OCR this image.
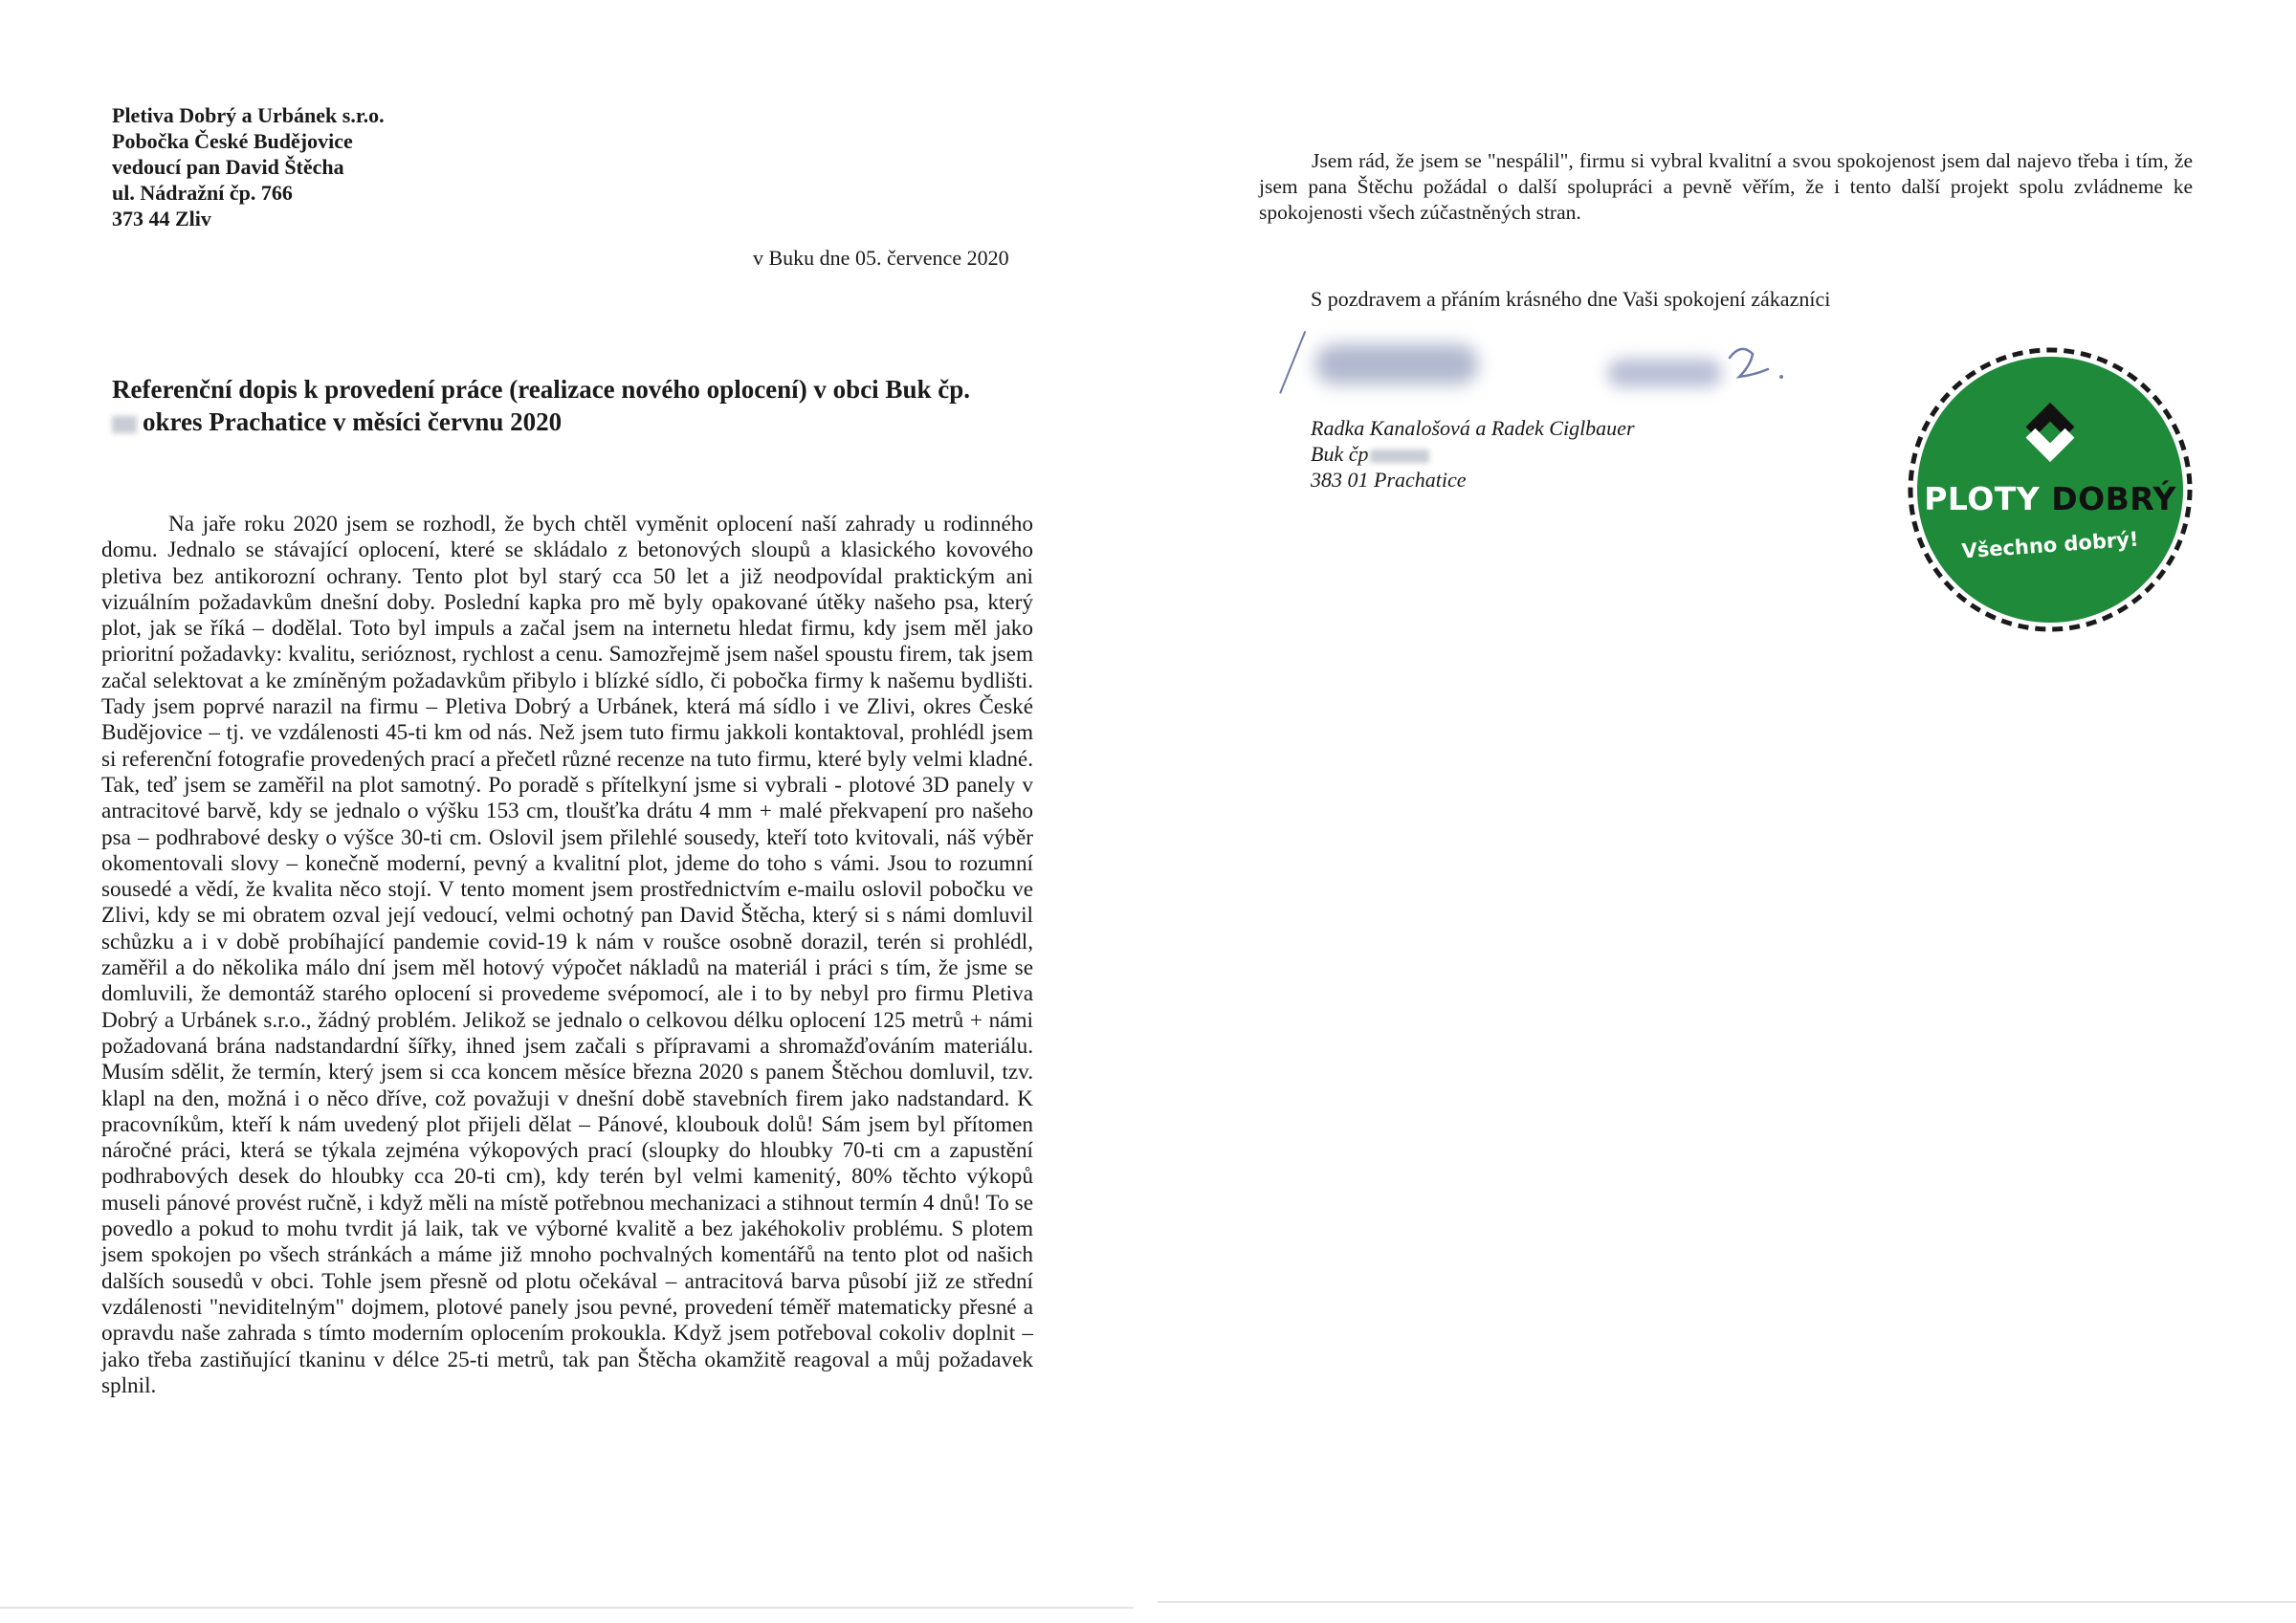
Pletiva Dobrý a Urbánek s.r.o.
Pobočka České Budějovice
vedoucí pan David Štěcha
ul. Nádražní čp. 766
373 44 Zliv
v Buku dne 05. července 2020
Referenční dopis k provedení práce (realizace nového oplocení) v obci Buk čp.
okres Prachatice v měsíci červnu 2020

Na jaře roku 2020 jsem se rozhodl, že bych chtěl vyměnit oplocení naší zahrady u rodinného domu. Jednalo se stávající oplocení, které se skládalo z betonových sloupů a klasického kovového pletiva bez antikorozní ochrany. Tento plot byl starý cca 50 let a již neodpovídal praktickým ani vizuálním požadavkům dnešní doby. Poslední kapka pro mě byly opakované útěky našeho psa, který plot, jak se říká – dodělal. Toto byl impuls a začal jsem na internetu hledat firmu, kdy jsem měl jako prioritní požadavky: kvalitu, serióznost, rychlost a cenu. Samozřejmě jsem našel spoustu firem, tak jsem začal selektovat a ke zmíněným požadavkům přibylo i blízké sídlo, či pobočka firmy k našemu bydlišti. Tady jsem poprvé narazil na firmu – Pletiva Dobrý a Urbánek, která má sídlo i ve Zlivi, okres České Budějovice – tj. ve vzdálenosti 45-ti km od nás. Než jsem tuto firmu jakkoli kontaktoval, prohlédl jsem si referenční fotografie provedených prací a přečetl různé recenze na tuto firmu, které byly velmi kladné. Tak, teď jsem se zaměřil na plot samotný. Po poradě s přítelkyní jsme si vybrali - plotové 3D panely v antracitové barvě, kdy se jednalo o výšku 153 cm, tloušťka drátu 4 mm + malé překvapení pro našeho psa – podhrabové desky o výšce 30-ti cm. Oslovil jsem přilehlé sousedy, kteří toto kvitovali, náš výběr okomentovali slovy – konečně moderní, pevný a kvalitní plot, jdeme do toho s vámi. Jsou to rozumní sousedé a vědí, že kvalita něco stojí. V tento moment jsem prostřednictvím e-mailu oslovil pobočku ve Zlivi, kdy se mi obratem ozval její vedoucí, velmi ochotný pan David Štěcha, který si s námi domluvil schůzku a i v době probíhající pandemie covid-19 k nám v roušce osobně dorazil, terén si prohlédl, zaměřil a do několika málo dní jsem měl hotový výpočet nákladů na materiál i práci s tím, že jsme se domluvili, že demontáž starého oplocení si provedeme svépomocí, ale i to by nebyl pro firmu Pletiva Dobrý a Urbánek s.r.o., žádný problém. Jelikož se jednalo o celkovou délku oplocení 125 metrů + námi požadovaná brána nadstandardní šířky, ihned jsem začali s přípravami a shromažďováním materiálu. Musím sdělit, že termín, který jsem si cca koncem měsíce března 2020 s panem Štěchou domluvil, tzv. klapl na den, možná i o něco dříve, což považuji v dnešní době stavebních firem jako nadstandard. K pracovníkům, kteří k nám uvedený plot přijeli dělat – Pánové, kloubouk dolů! Sám jsem byl přítomen náročné práci, která se týkala zejména výkopových prací (sloupky do hloubky 70-ti cm a zapustění podhrabových desek do hloubky cca 20-ti cm), kdy terén byl velmi kamenitý, 80% těchto výkopů museli pánové provést ručně, i když měli na místě potřebnou mechanizaci a stihnout termín 4 dnů! To se povedlo a pokud to mohu tvrdit já laik, tak ve výborné kvalitě a bez jakéhokoliv problému. S plotem jsem spokojen po všech stránkách a máme již mnoho pochvalných komentářů na tento plot od našich dalších sousedů v obci. Tohle jsem přesně od plotu očekával – antracitová barva působí již ze střední vzdálenosti "neviditelným" dojmem, plotové panely jsou pevné, provedení téměř matematicky přesné a opravdu naše zahrada s tímto moderním oplocením prokoukla. Když jsem potřeboval cokoliv doplnit – jako třeba zastiňující tkaninu v délce 25-ti metrů, tak pan Štěcha okamžitě reagoval a můj požadavek splnil.

Jsem rád, že jsem se "nespálil", firmu si vybral kvalitní a svou spokojenost jsem dal najevo třeba i tím, že jsem pana Štěchu požádal o další spolupráci a pevně věřím, že i tento další projekt spolu zvládneme ke spokojenosti všech zúčastněných stran.

S pozdravem a přáním krásného dne Vaši spokojení zákazníci
Radka Kanalošová a Radek Ciglbauer
Buk čp
383 01 Prachatice
PLOTY DOBRÝ
Všechno dobrý!
